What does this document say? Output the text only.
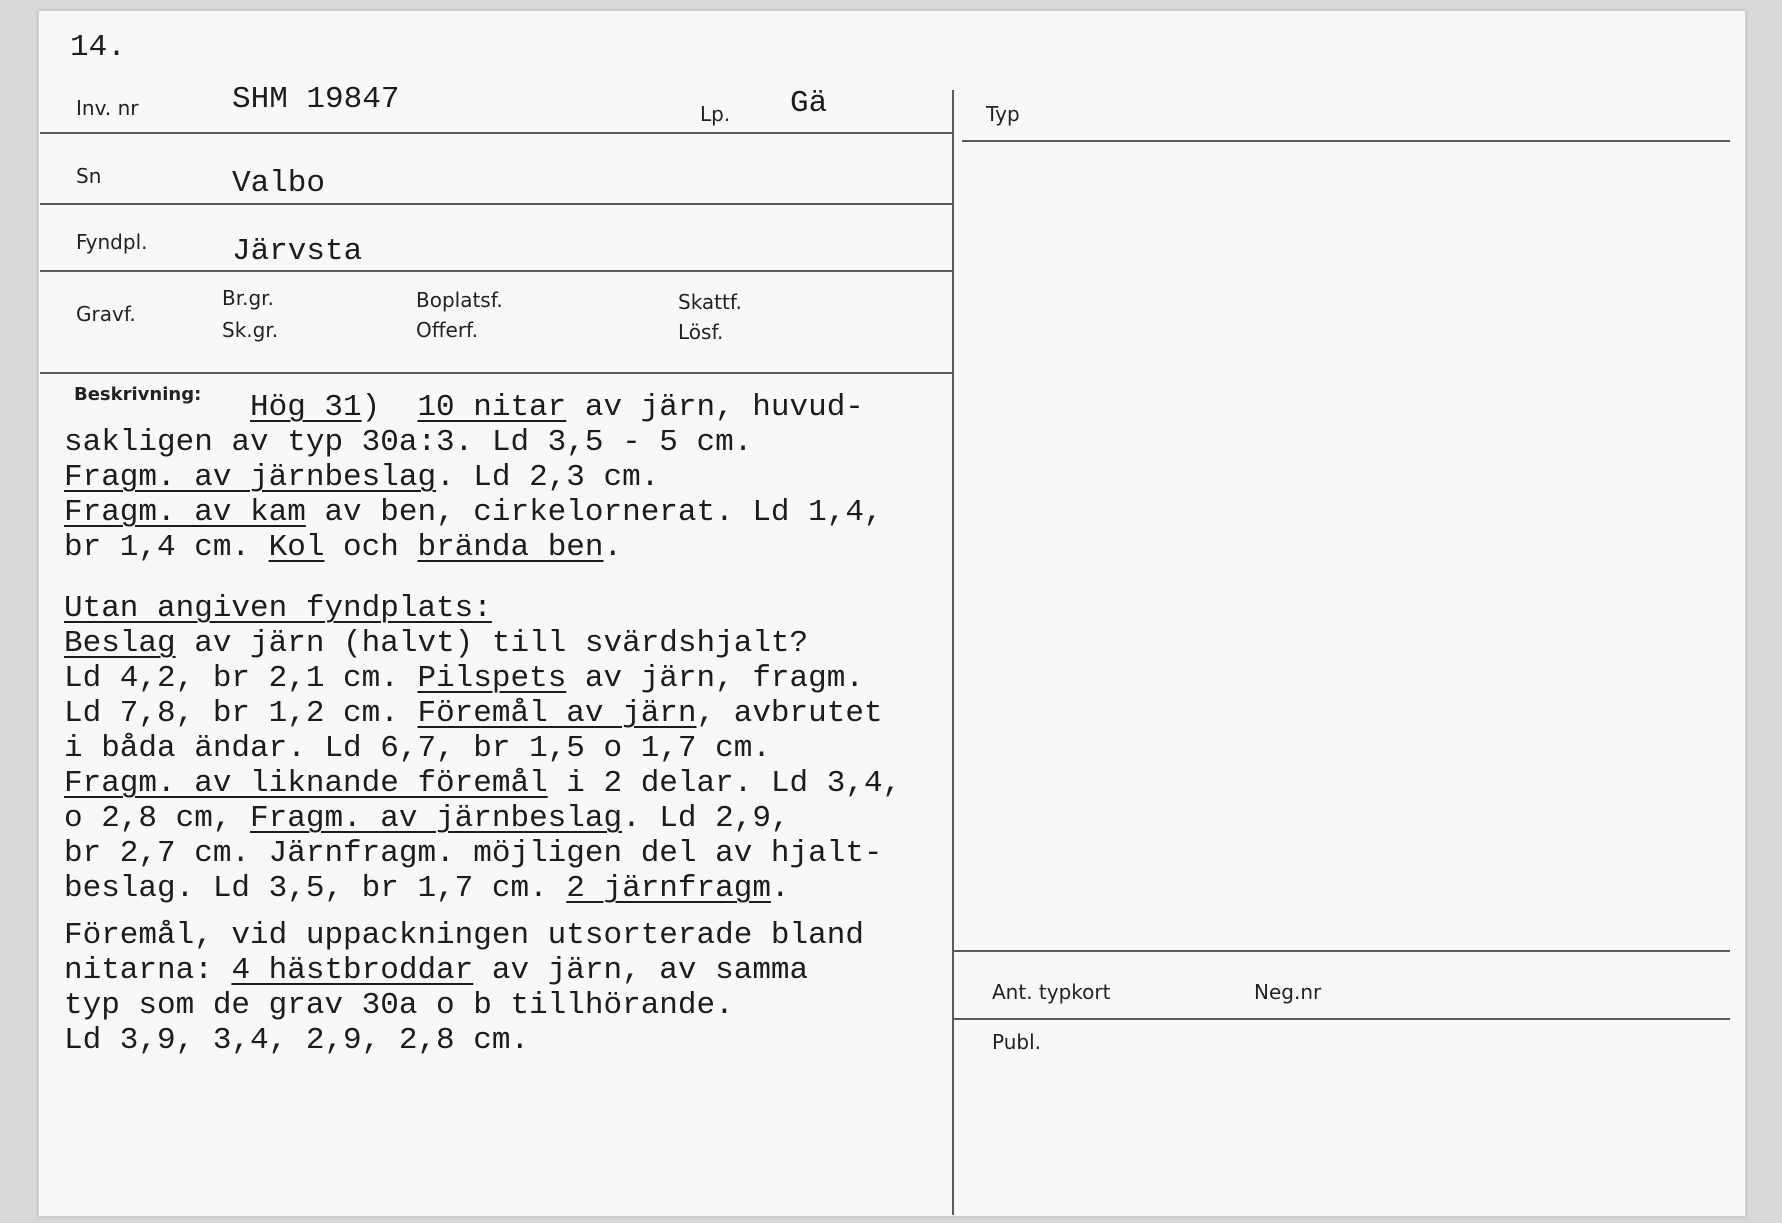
14.
Inv. nr	SHM 19847	Lp. Gä	Typ
Sn	Valbo
Fyndpl.	Järvsta
Gravf.
Br.gr.
Sk.gr.
Boplatsf.
Offerf.
Skattf.
Lösf.
Beskrivning:	Hög 31)  10 nitar av järn, huvud-
sakligen av typ 30a:3. Ld 3,5 - 5 cm.
Fragm. av järnbeslag. Ld 2,3 cm.
Fragm. av kam av ben, cirkelornerat. Ld 1,4,
br 1,4 cm. Kol och brända ben.
Utan angiven fyndplats:
Beslag av järn (halvt) till svärdshjalt?
Ld 4,2, br 2,1 cm. Pilspets av järn, fragm.
Ld 7,8, br 1,2 cm. Föremål av järn, avbrutet
i båda ändar. Ld 6,7, br 1,5 o 1,7 cm.
Fragm. av liknande föremål i 2 delar. Ld 3,4,
o 2,8 cm, Fragm. av järnbeslag. Ld 2,9,
br 2,7 cm. Järnfragm. möjligen del av hjalt-
beslag. Ld 3,5, br 1,7 cm. 2 järnfragm.
Föremål, vid uppackningen utsorterade bland
nitarna: 4 hästbroddar av järn, av samma
typ som de grav 30a o b tillhörande.
Ld 3,9, 3,4, 2,9, 2,8 cm.
Ant. typkort	Neg.nr
Publ.
